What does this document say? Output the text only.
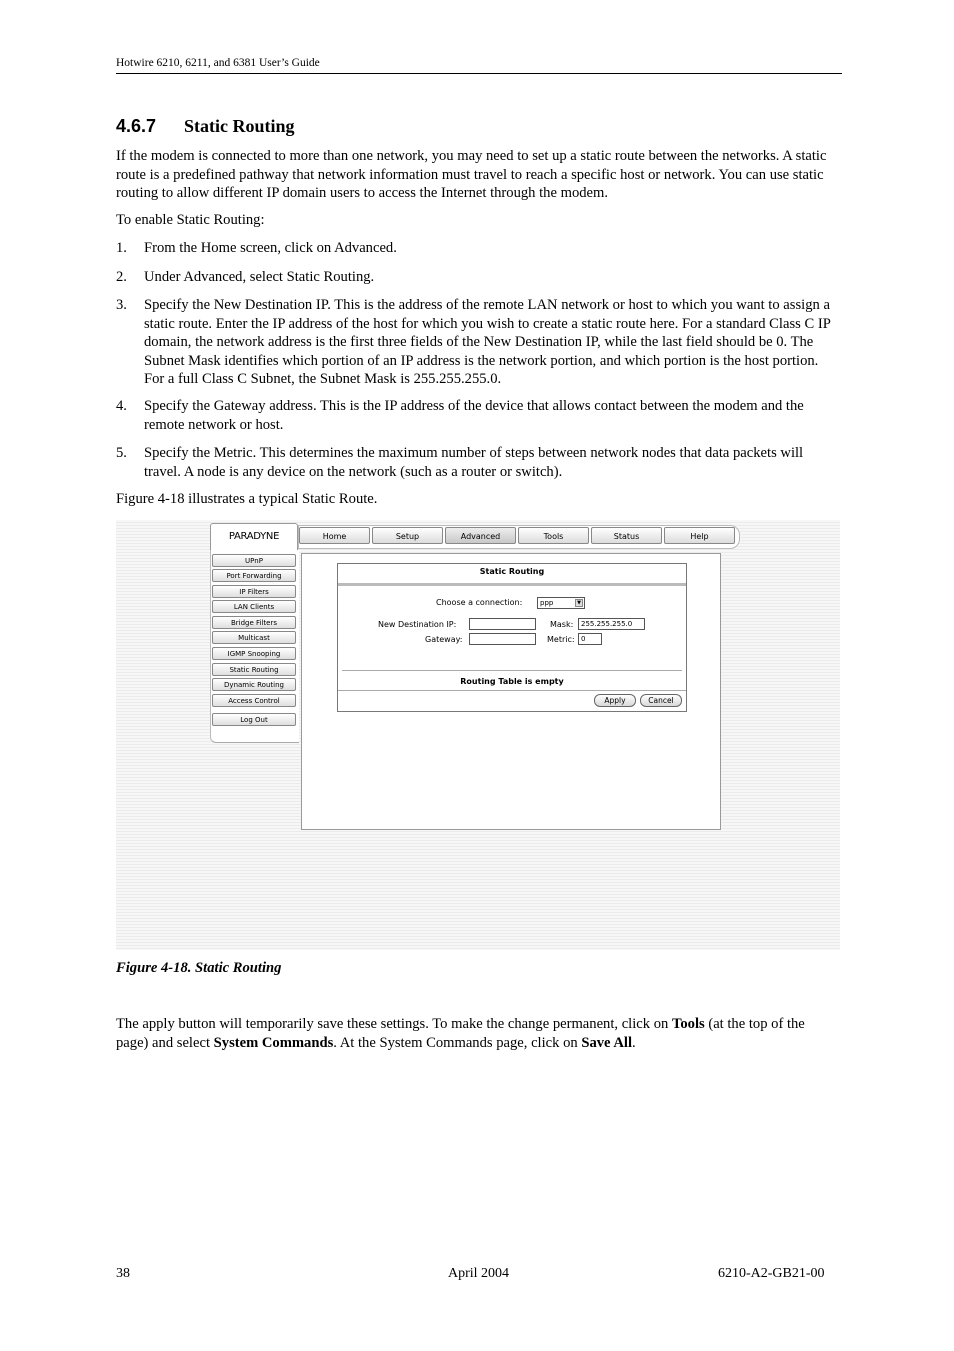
Hotwire 6210, 6211, and 6381 User’s Guide
4.6.7 Static Routing
If the modem is connected to more than one network, you may need to set up a static route between the networks. A static route is a predefined pathway that network information must travel to reach a specific host or network. You can use static routing to allow different IP domain users to access the Internet through the modem.
To enable Static Routing:
1. From the Home screen, click on Advanced.
2. Under Advanced, select Static Routing.
3. Specify the New Destination IP. This is the address of the remote LAN network or host to which you want to assign a static route. Enter the IP address of the host for which you wish to create a static route here. For a standard Class C IP domain, the network address is the first three fields of the New Destination IP, while the last field should be 0. The Subnet Mask identifies which portion of an IP address is the network portion, and which portion is the host portion. For a full Class C Subnet, the Subnet Mask is 255.255.255.0.
4. Specify the Gateway address. This is the IP address of the device that allows contact between the modem and the remote network or host.
5. Specify the Metric. This determines the maximum number of steps between network nodes that data packets will travel. A node is any device on the network (such as a router or switch).
Figure 4-18 illustrates a typical Static Route.
PARADYNE	Home	Setup	Advanced	Tools	Status	Help
UPnP
Port Forwarding
IP Filters
LAN Clients
Bridge Filters
Multicast
IGMP Snooping
Static Routing
Dynamic Routing
Access Control
Log Out
Static Routing
Choose a connection:	ppp	▼
New Destination IP:	Mask:	255.255.255.0
Gateway:	Metric: 0
Routing Table is empty
Apply	Cancel
Figure 4-18. Static Routing
The apply button will temporarily save these settings. To make the change permanent, click on Tools (at the top of the page) and select System Commands. At the System Commands page, click on Save All.
38	April 2004	6210-A2-GB21-00
